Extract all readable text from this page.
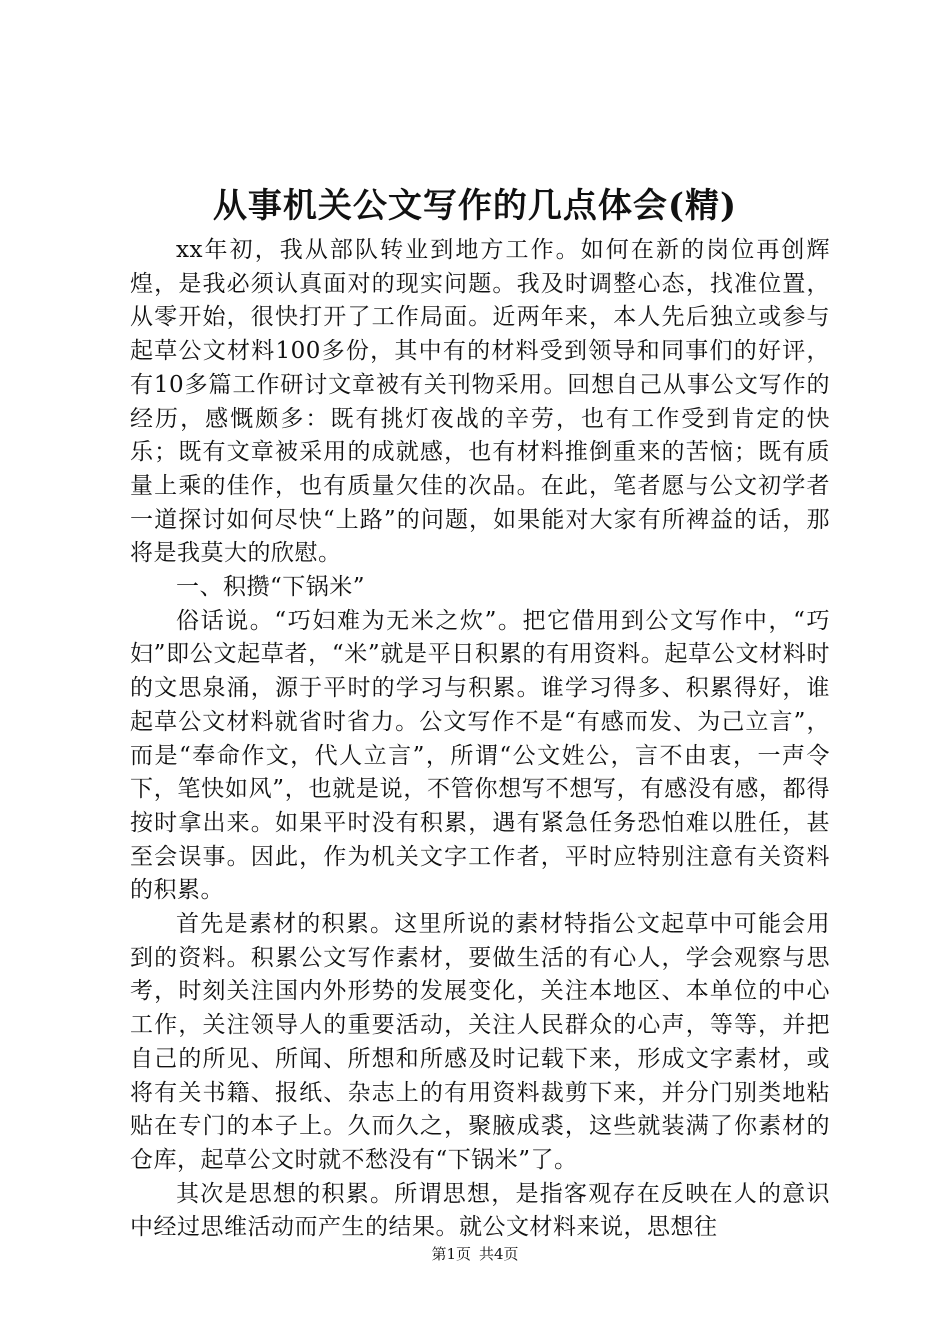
从事机关公文写作的几点体会(精)

xx年初，我从部队转业到地方工作。如何在新的岗位再创辉煌，是我必须认真面对的现实问题。我及时调整心态，找准位置，从零开始，很快打开了工作局面。近两年来，本人先后独立或参与起草公文材料100多份，其中有的材料受到领导和同事们的好评，有10多篇工作研讨文章被有关刊物采用。回想自己从事公文写作的经历，感慨颇多：既有挑灯夜战的辛劳，也有工作受到肯定的快乐；既有文章被采用的成就感，也有材料推倒重来的苦恼；既有质量上乘的佳作，也有质量欠佳的次品。在此，笔者愿与公文初学者一道探讨如何尽快“上路”的问题，如果能对大家有所裨益的话，那将是我莫大的欣慰。

一、积攒“下锅米”

俗话说。“巧妇难为无米之炊”。把它借用到公文写作中，“巧妇”即公文起草者，“米”就是平日积累的有用资料。起草公文材料时的文思泉涌，源于平时的学习与积累。谁学习得多、积累得好，谁起草公文材料就省时省力。公文写作不是“有感而发、为己立言”，而是“奉命作文，代人立言”，所谓“公文姓公，言不由衷，一声令下，笔快如风”，也就是说，不管你想写不想写，有感没有感，都得按时拿出来。如果平时没有积累，遇有紧急任务恐怕难以胜任，甚至会误事。因此，作为机关文字工作者，平时应特别注意有关资料的积累。

首先是素材的积累。这里所说的素材特指公文起草中可能会用到的资料。积累公文写作素材，要做生活的有心人，学会观察与思考，时刻关注国内外形势的发展变化，关注本地区、本单位的中心工作，关注领导人的重要活动，关注人民群众的心声，等等，并把自己的所见、所闻、所想和所感及时记载下来，形成文字素材，或将有关书籍、报纸、杂志上的有用资料裁剪下来，并分门别类地粘贴在专门的本子上。久而久之，聚腋成裘，这些就装满了你素材的仓库，起草公文时就不愁没有“下锅米”了。

其次是思想的积累。所谓思想，是指客观存在反映在人的意识中经过思维活动而产生的结果。就公文材料来说，思想往

第1页 共4页
